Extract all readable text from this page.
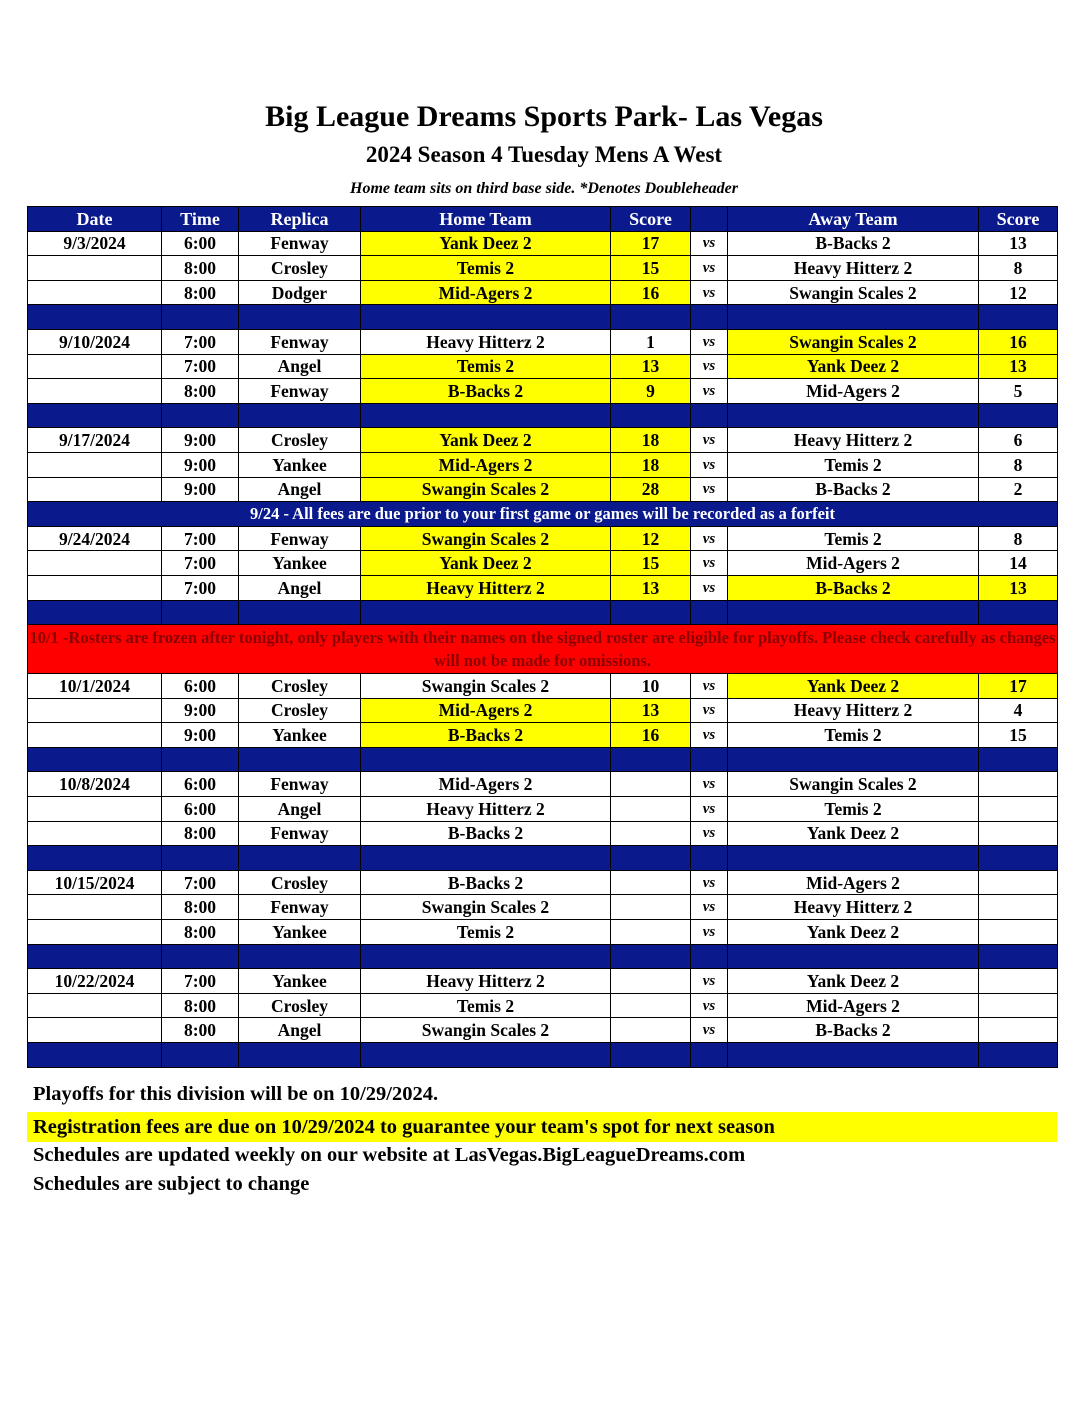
Big League Dreams Sports Park- Las Vegas
2024 Season 4 Tuesday Mens A West
Home team sits on third base side. *Denotes Doubleheader
Date	Time	Replica	Home Team	Score		Away Team	Score
9/3/2024	6:00	Fenway	Yank Deez 2	17	vs	B-Backs 2	13
	8:00	Crosley	Temis 2	15	vs	Heavy Hitterz 2	8
	8:00	Dodger	Mid-Agers 2	16	vs	Swangin Scales 2	12

9/10/2024	7:00	Fenway	Heavy Hitterz 2	1	vs	Swangin Scales 2	16
	7:00	Angel	Temis 2	13	vs	Yank Deez 2	13
	8:00	Fenway	B-Backs 2	9	vs	Mid-Agers 2	5

9/17/2024	9:00	Crosley	Yank Deez 2	18	vs	Heavy Hitterz 2	6
	9:00	Yankee	Mid-Agers 2	18	vs	Temis 2	8
	9:00	Angel	Swangin Scales 2	28	vs	B-Backs 2	2
9/24 - All fees are due prior to your first game or games will be recorded as a forfeit							
9/24/2024	7:00	Fenway	Swangin Scales 2	12	vs	Temis 2	8
	7:00	Yankee	Yank Deez 2	15	vs	Mid-Agers 2	14
	7:00	Angel	Heavy Hitterz 2	13	vs	B-Backs 2	13

10/1 -Rosters are frozen after tonight, only players with their names on the signed roster are eligible for playoffs. Please check carefully as changes will not be made for omissions.							
10/1/2024	6:00	Crosley	Swangin Scales 2	10	vs	Yank Deez 2	17
	9:00	Crosley	Mid-Agers 2	13	vs	Heavy Hitterz 2	4
	9:00	Yankee	B-Backs 2	16	vs	Temis 2	15

10/8/2024	6:00	Fenway	Mid-Agers 2		vs	Swangin Scales 2	
	6:00	Angel	Heavy Hitterz 2		vs	Temis 2	
	8:00	Fenway	B-Backs 2		vs	Yank Deez 2	

10/15/2024	7:00	Crosley	B-Backs 2		vs	Mid-Agers 2	
	8:00	Fenway	Swangin Scales 2		vs	Heavy Hitterz 2	
	8:00	Yankee	Temis 2		vs	Yank Deez 2	

10/22/2024	7:00	Yankee	Heavy Hitterz 2		vs	Yank Deez 2	
	8:00	Crosley	Temis 2		vs	Mid-Agers 2	
	8:00	Angel	Swangin Scales 2		vs	B-Backs 2	

Playoffs for this division will be on 10/29/2024.
Registration fees are due on 10/29/2024 to guarantee your team's spot for next season
Schedules are updated weekly on our website at LasVegas.BigLeagueDreams.com
Schedules are subject to change
